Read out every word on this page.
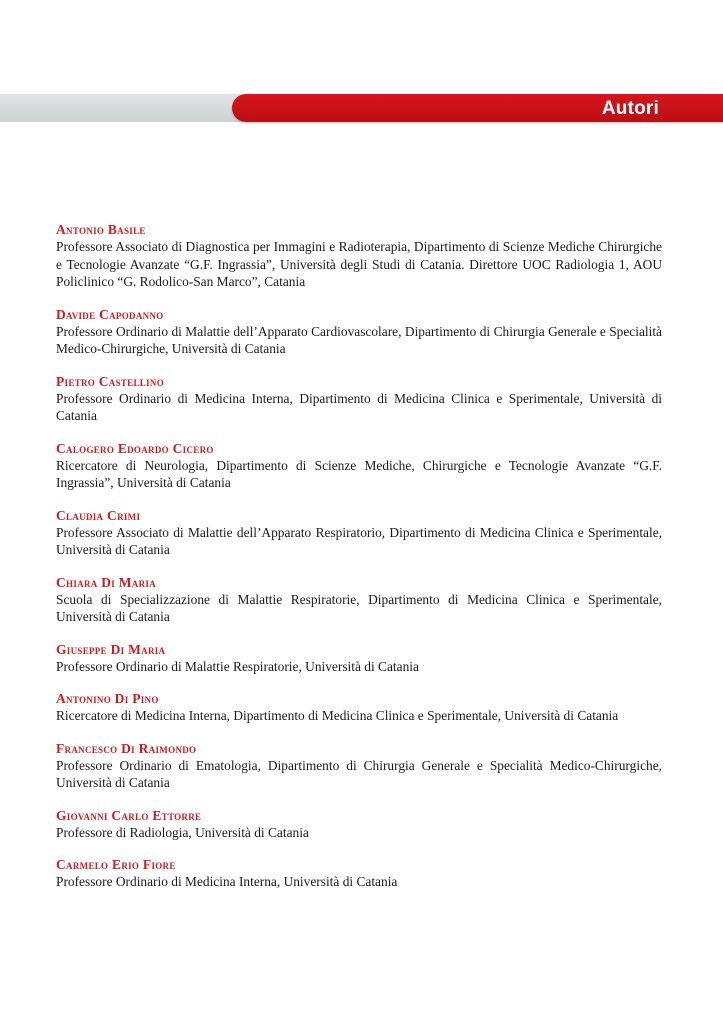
Autori
Antonio Basile
Professore Associato di Diagnostica per Immagini e Radioterapia, Dipartimento di Scienze Mediche Chirurgiche e Tecnologie Avanzate “G.F. Ingrassia”, Università degli Studi di Catania. Direttore UOC Radiologia 1, AOU Policlinico “G. Rodolico-San Marco”, Catania
Davide Capodanno
Professore Ordinario di Malattie dell’Apparato Cardiovascolare, Dipartimento di Chirurgia Generale e Specialità Medico-Chirurgiche, Università di Catania
Pietro Castellino
Professore Ordinario di Medicina Interna, Dipartimento di Medicina Clinica e Sperimentale, Università di Catania
Calogero Edoardo Cicero
Ricercatore di Neurologia, Dipartimento di Scienze Mediche, Chirurgiche e Tecnologie Avanzate “G.F. Ingrassia”, Università di Catania
Claudia Crimi
Professore Associato di Malattie dell’Apparato Respiratorio, Dipartimento di Medicina Clinica e Sperimentale, Università di Catania
Chiara Di Maria
Scuola di Specializzazione di Malattie Respiratorie, Dipartimento di Medicina Clinica e Sperimentale, Università di Catania
Giuseppe Di Maria
Professore Ordinario di Malattie Respiratorie, Università di Catania
Antonino Di Pino
Ricercatore di Medicina Interna, Dipartimento di Medicina Clinica e Sperimentale, Università di Catania
Francesco Di Raimondo
Professore Ordinario di Ematologia, Dipartimento di Chirurgia Generale e Specialità Medico-Chirurgiche, Università di Catania
Giovanni Carlo Ettorre
Professore di Radiologia, Università di Catania
Carmelo Erio Fiore
Professore Ordinario di Medicina Interna, Università di Catania
